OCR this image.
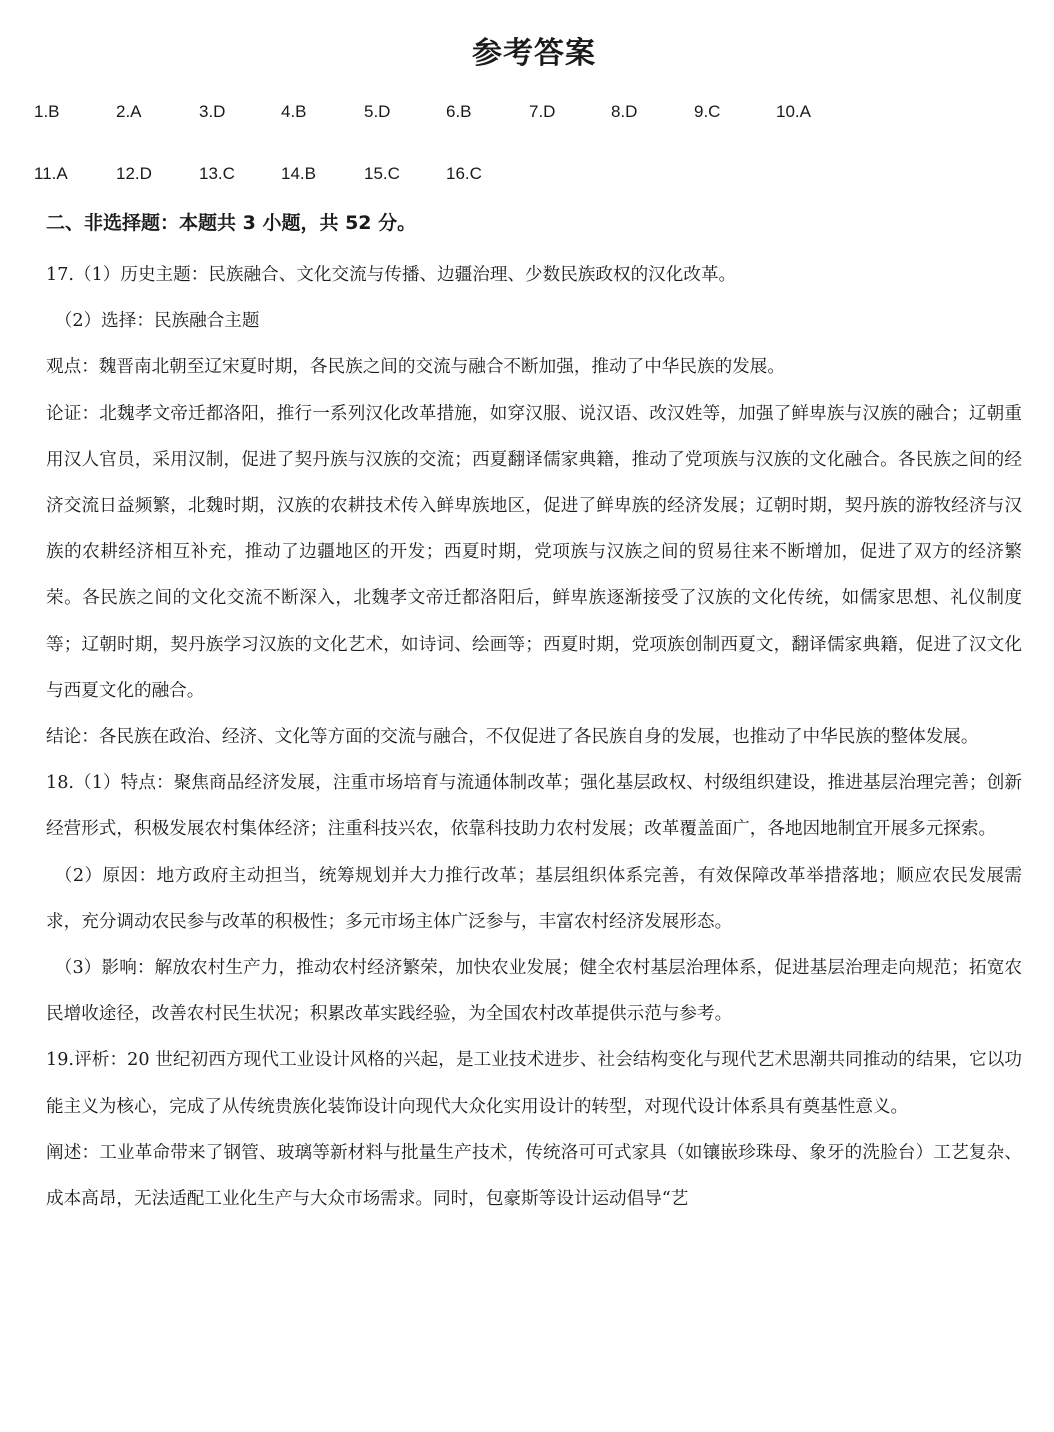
参考答案
1.B	2.A	3.D	4.B	5.D	6.B	7.D	8.D	9.C	10.A
11.A	12.D	13.C	14.B	15.C	16.C
二、非选择题：本题共 3 小题，共 52 分。

17.（1）历史主题：民族融合、文化交流与传播、边疆治理、少数民族政权的汉化改革。

（2）选择：民族融合主题

观点：魏晋南北朝至辽宋夏时期，各民族之间的交流与融合不断加强，推动了中华民族的发展。

论证：北魏孝文帝迁都洛阳，推行一系列汉化改革措施，如穿汉服、说汉语、改汉姓等，加强了鲜卑族与汉族的融合；辽朝重用汉人官员，采用汉制，促进了契丹族与汉族的交流；西夏翻译儒家典籍，推动了党项族与汉族的文化融合。各民族之间的经济交流日益频繁，北魏时期，汉族的农耕技术传入鲜卑族地区，促进了鲜卑族的经济发展；辽朝时期，契丹族的游牧经济与汉族的农耕经济相互补充，推动了边疆地区的开发；西夏时期，党项族与汉族之间的贸易往来不断增加，促进了双方的经济繁荣。各民族之间的文化交流不断深入，北魏孝文帝迁都洛阳后，鲜卑族逐渐接受了汉族的文化传统，如儒家思想、礼仪制度等；辽朝时期，契丹族学习汉族的文化艺术，如诗词、绘画等；西夏时期，党项族创制西夏文，翻译儒家典籍，促进了汉文化与西夏文化的融合。

结论：各民族在政治、经济、文化等方面的交流与融合，不仅促进了各民族自身的发展，也推动了中华民族的整体发展。

18.（1）特点：聚焦商品经济发展，注重市场培育与流通体制改革；强化基层政权、村级组织建设，推进基层治理完善；创新经营形式，积极发展农村集体经济；注重科技兴农，依靠科技助力农村发展；改革覆盖面广，各地因地制宜开展多元探索。

（2）原因：地方政府主动担当，统筹规划并大力推行改革；基层组织体系完善，有效保障改革举措落地；顺应农民发展需求，充分调动农民参与改革的积极性；多元市场主体广泛参与，丰富农村经济发展形态。

（3）影响：解放农村生产力，推动农村经济繁荣，加快农业发展；健全农村基层治理体系，促进基层治理走向规范；拓宽农民增收途径，改善农村民生状况；积累改革实践经验，为全国农村改革提供示范与参考。

19.评析：20 世纪初西方现代工业设计风格的兴起，是工业技术进步、社会结构变化与现代艺术思潮共同推动的结果，它以功能主义为核心，完成了从传统贵族化装饰设计向现代大众化实用设计的转型，对现代设计体系具有奠基性意义。

阐述：工业革命带来了钢管、玻璃等新材料与批量生产技术，传统洛可可式家具（如镶嵌珍珠母、象牙的洗脸台）工艺复杂、成本高昂，无法适配工业化生产与大众市场需求。同时，包豪斯等设计运动倡导“艺
